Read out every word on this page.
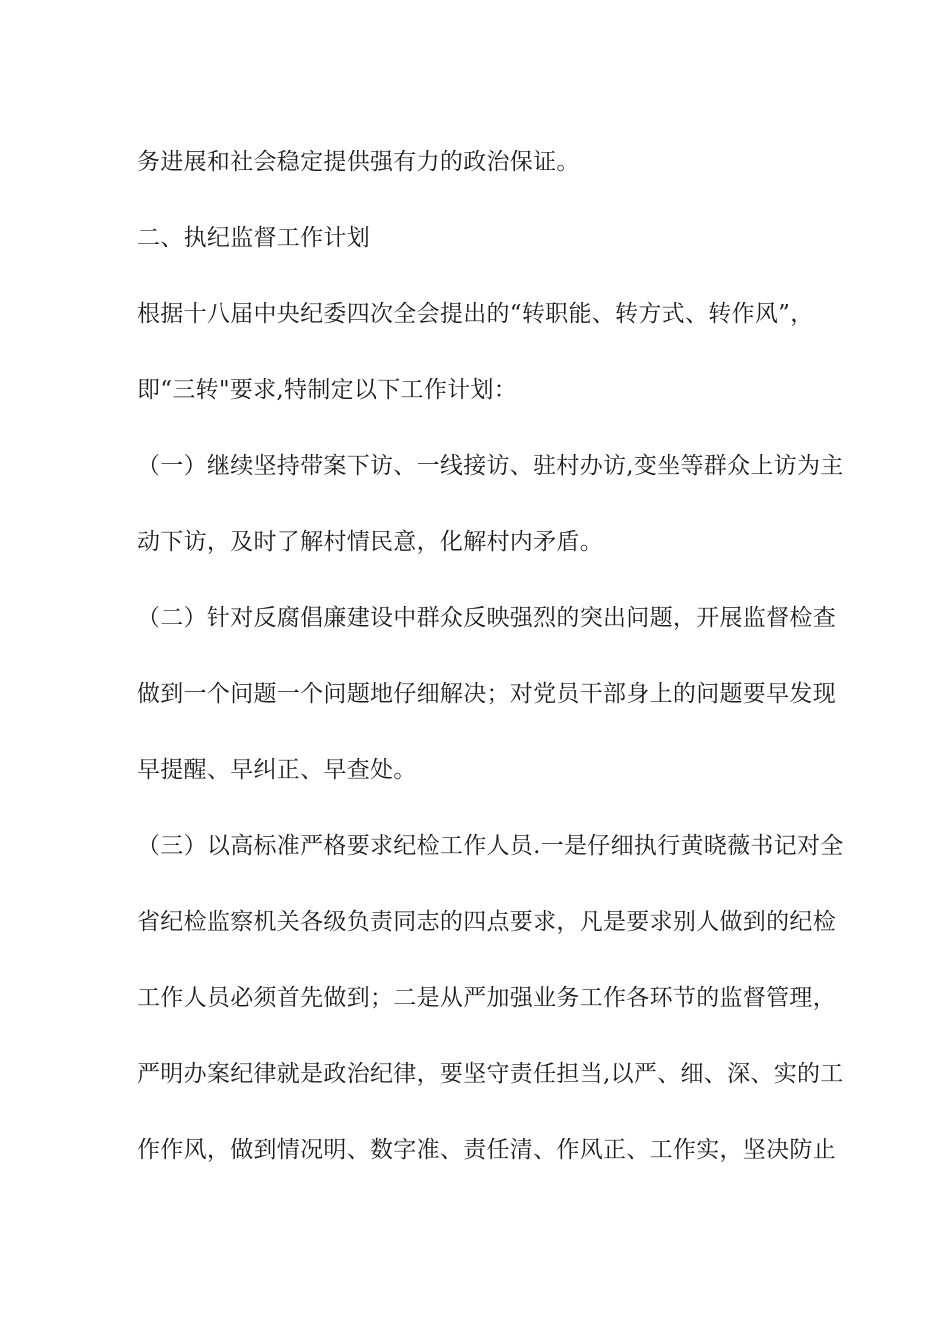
务进展和社会稳定提供强有力的政治保证。
二、执纪监督工作计划
根据十八届中央纪委四次全会提出的“转职能、转方式、转作风”，
即“三转"要求,特制定以下工作计划：
（一）继续坚持带案下访、一线接访、驻村办访,变坐等群众上访为主
动下访，及时了解村情民意，化解村内矛盾。
（二）针对反腐倡廉建设中群众反映强烈的突出问题，开展监督检查
做到一个问题一个问题地仔细解决；对党员干部身上的问题要早发现
早提醒、早纠正、早查处。
（三）以高标准严格要求纪检工作人员.一是仔细执行黄晓薇书记对全
省纪检监察机关各级负责同志的四点要求，凡是要求别人做到的纪检
工作人员必须首先做到；二是从严加强业务工作各环节的监督管理，
严明办案纪律就是政治纪律，要坚守责任担当,以严、细、深、实的工
作作风，做到情况明、数字准、责任清、作风正、工作实，坚决防止
